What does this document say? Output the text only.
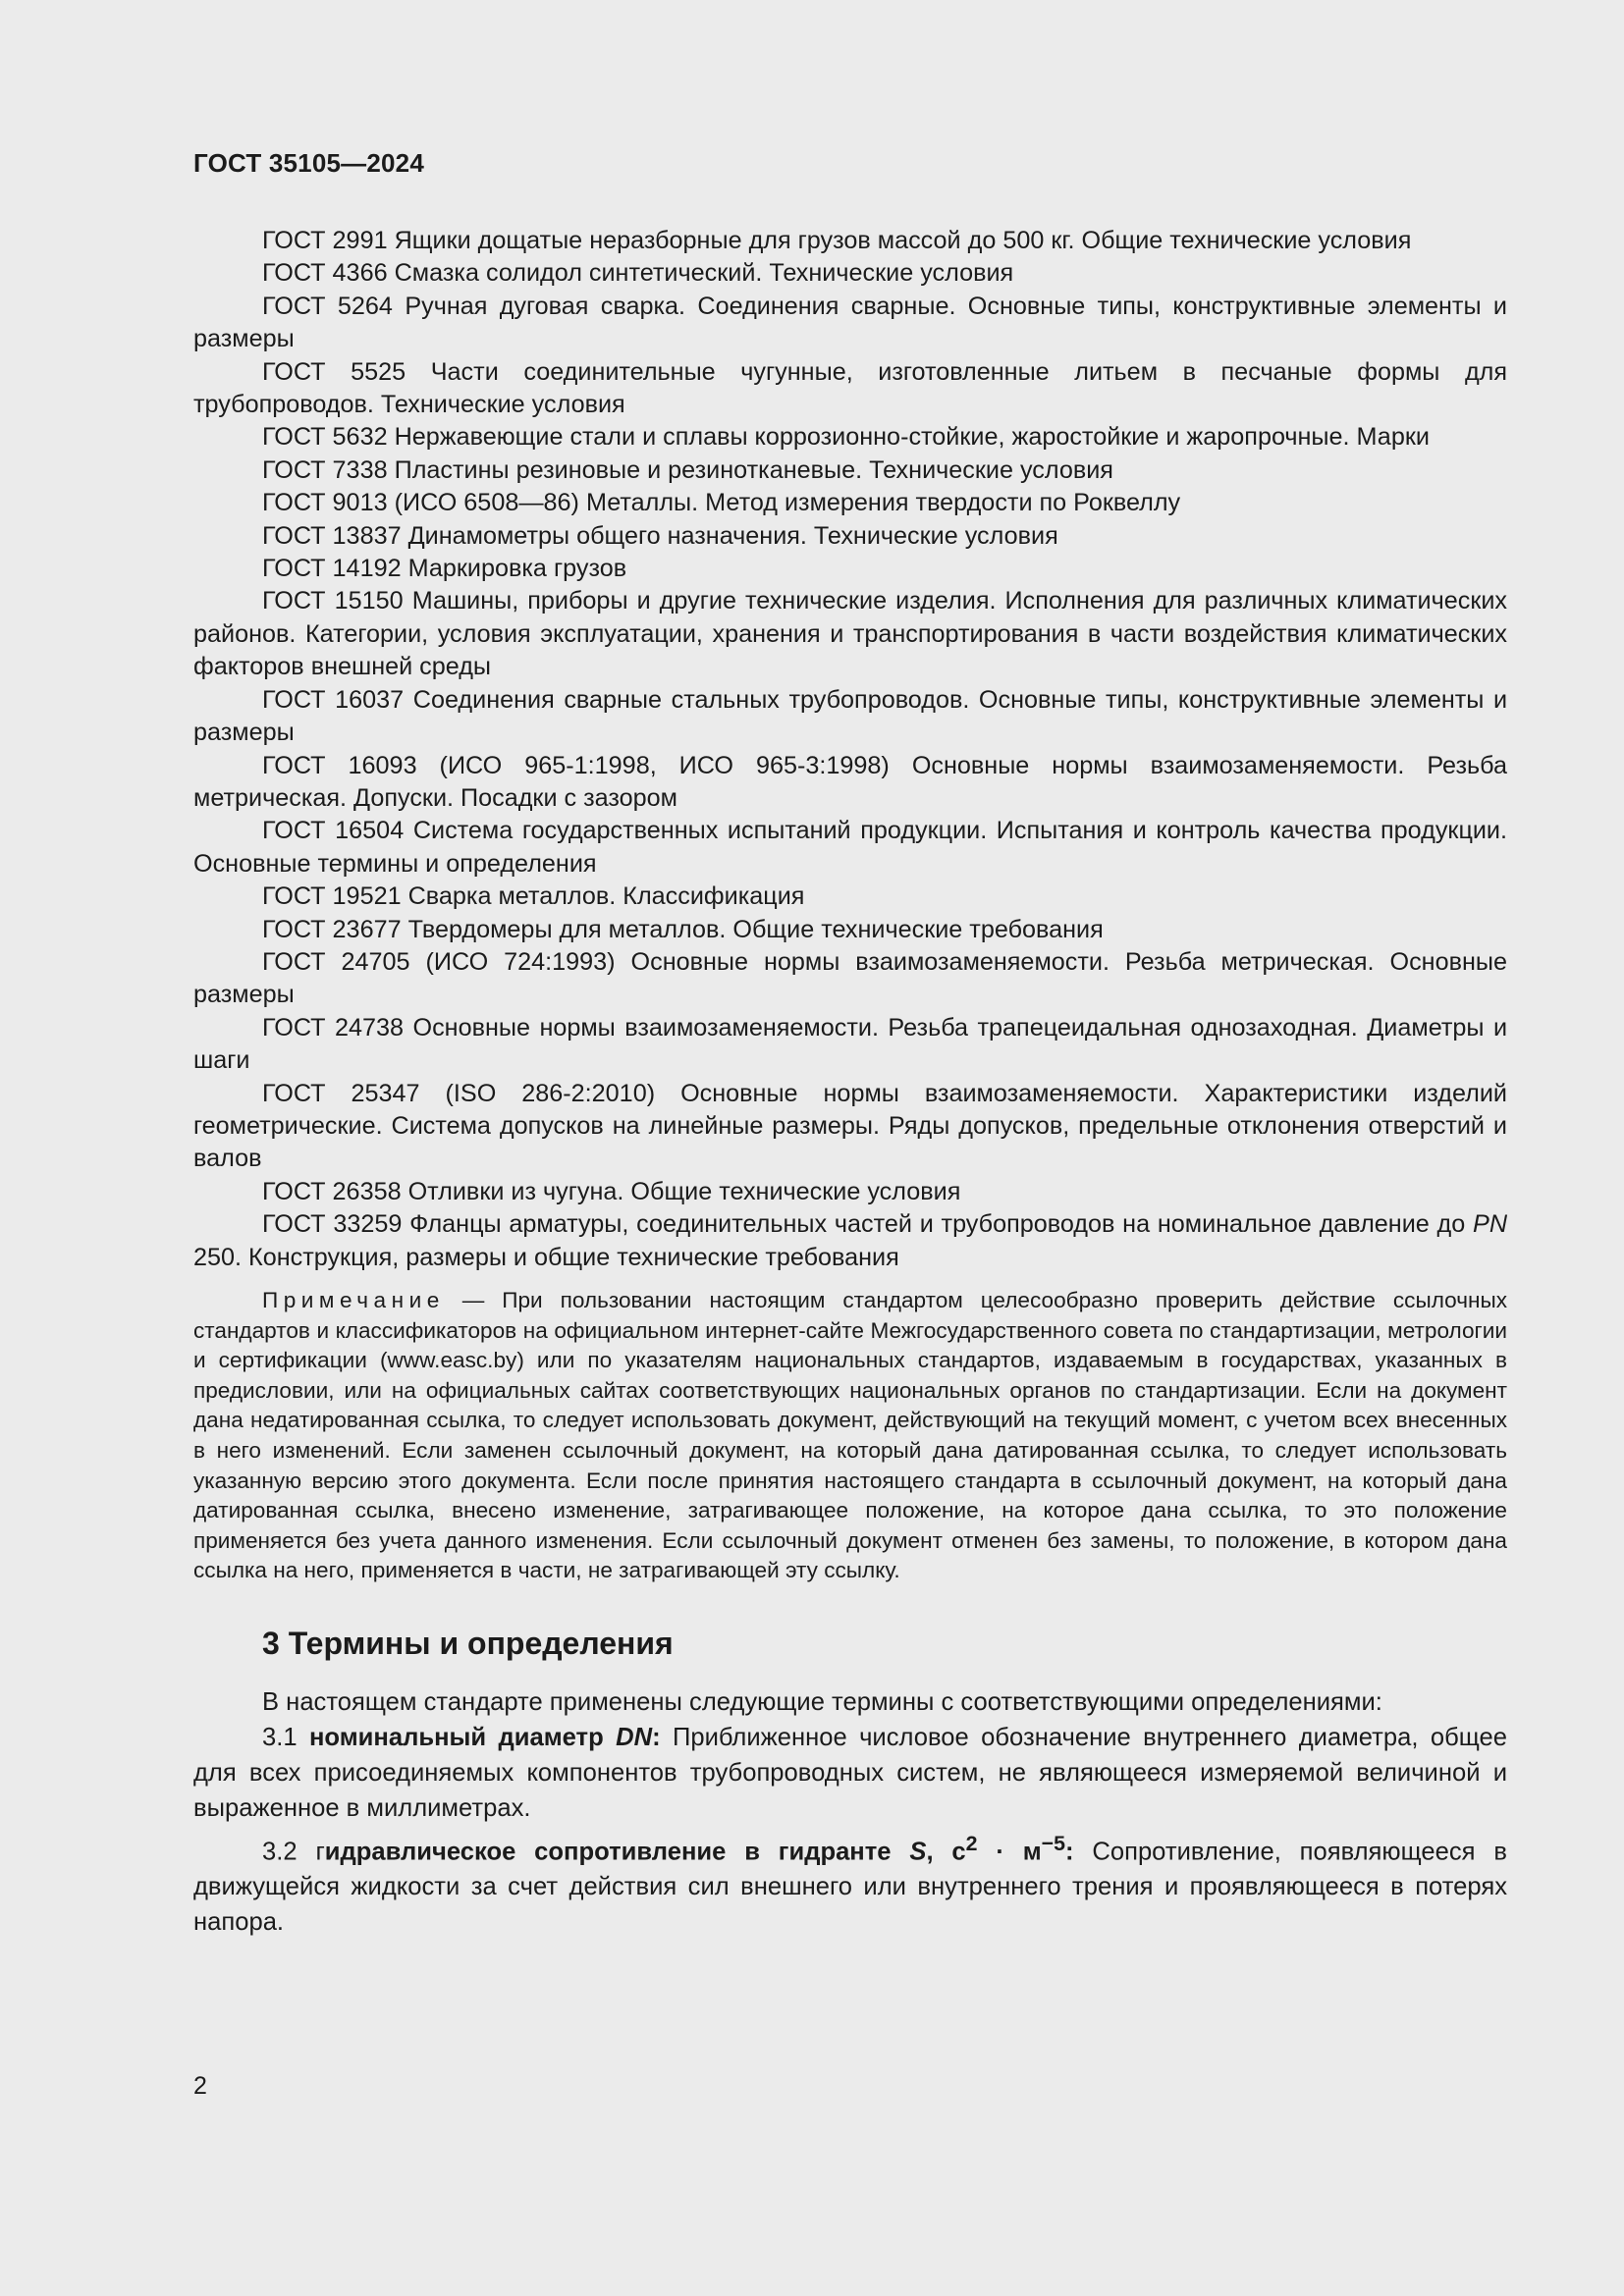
ГОСТ 35105—2024

ГОСТ 2991 Ящики дощатые неразборные для грузов массой до 500 кг. Общие технические условия

ГОСТ 4366 Смазка солидол синтетический. Технические условия

ГОСТ 5264 Ручная дуговая сварка. Соединения сварные. Основные типы, конструктивные элементы и размеры

ГОСТ 5525 Части соединительные чугунные, изготовленные литьем в песчаные формы для трубопроводов. Технические условия

ГОСТ 5632 Нержавеющие стали и сплавы коррозионно-стойкие, жаростойкие и жаропрочные. Марки

ГОСТ 7338 Пластины резиновые и резинотканевые. Технические условия

ГОСТ 9013 (ИСО 6508—86) Металлы. Метод измерения твердости по Роквеллу

ГОСТ 13837 Динамометры общего назначения. Технические условия

ГОСТ 14192 Маркировка грузов

ГОСТ 15150 Машины, приборы и другие технические изделия. Исполнения для различных климатических районов. Категории, условия эксплуатации, хранения и транспортирования в части воздействия климатических факторов внешней среды

ГОСТ 16037 Соединения сварные стальных трубопроводов. Основные типы, конструктивные элементы и размеры

ГОСТ 16093 (ИСО 965-1:1998, ИСО 965-3:1998) Основные нормы взаимозаменяемости. Резьба метрическая. Допуски. Посадки с зазором

ГОСТ 16504 Система государственных испытаний продукции. Испытания и контроль качества продукции. Основные термины и определения

ГОСТ 19521 Сварка металлов. Классификация

ГОСТ 23677 Твердомеры для металлов. Общие технические требования

ГОСТ 24705 (ИСО 724:1993) Основные нормы взаимозаменяемости. Резьба метрическая. Основные размеры

ГОСТ 24738 Основные нормы взаимозаменяемости. Резьба трапецеидальная однозаходная. Диаметры и шаги

ГОСТ 25347 (ISO 286-2:2010) Основные нормы взаимозаменяемости. Характеристики изделий геометрические. Система допусков на линейные размеры. Ряды допусков, предельные отклонения отверстий и валов

ГОСТ 26358 Отливки из чугуна. Общие технические условия

ГОСТ 33259 Фланцы арматуры, соединительных частей и трубопроводов на номинальное давление до PN 250. Конструкция, размеры и общие технические требования

Примечание — При пользовании настоящим стандартом целесообразно проверить действие ссылочных стандартов и классификаторов на официальном интернет-сайте Межгосударственного совета по стандартизации, метрологии и сертификации (www.easc.by) или по указателям национальных стандартов, издаваемым в государствах, указанных в предисловии, или на официальных сайтах соответствующих национальных органов по стандартизации. Если на документ дана недатированная ссылка, то следует использовать документ, действующий на текущий момент, с учетом всех внесенных в него изменений. Если заменен ссылочный документ, на который дана датированная ссылка, то следует использовать указанную версию этого документа. Если после принятия настоящего стандарта в ссылочный документ, на который дана датированная ссылка, внесено изменение, затрагивающее положение, на которое дана ссылка, то это положение применяется без учета данного изменения. Если ссылочный документ отменен без замены, то положение, в котором дана ссылка на него, применяется в части, не затрагивающей эту ссылку.
3 Термины и определения

В настоящем стандарте применены следующие термины с соответствующими определениями:

3.1 номинальный диаметр DN: Приближенное числовое обозначение внутреннего диаметра, общее для всех присоединяемых компонентов трубопроводных систем, не являющееся измеряемой величиной и выраженное в миллиметрах.

3.2 гидравлическое сопротивление в гидранте S, $с^2 \cdot м^{-5}$: Сопротивление, появляющееся в движущейся жидкости за счет действия сил внешнего или внутреннего трения и проявляющееся в потерях напора.

2
